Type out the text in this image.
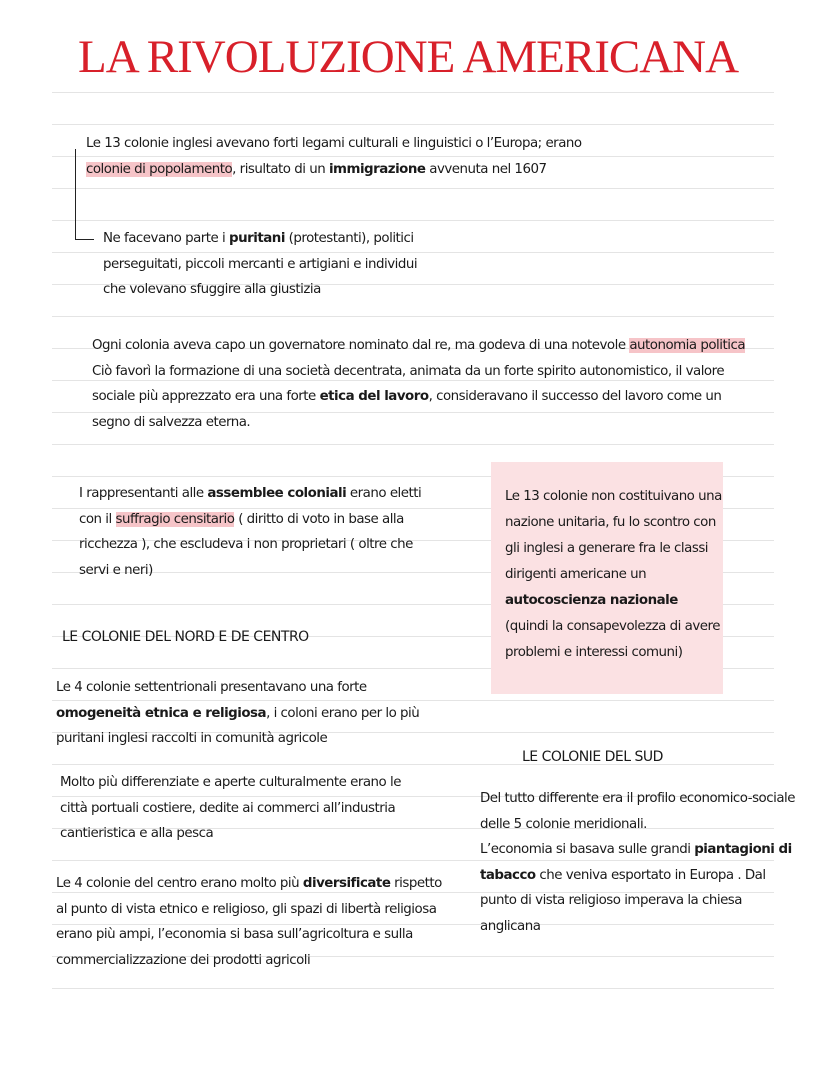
LA RIVOLUZIONE AMERICANA
Le 13 colonie inglesi avevano forti legami culturali e linguistici o l’Europa; erano
colonie di popolamento, risultato di un immigrazione avvenuta nel 1607
Ne facevano parte i puritani (protestanti), politici
perseguitati, piccoli mercanti e artigiani e individui
che volevano sfuggire alla giustizia
Ogni colonia aveva capo un governatore nominato dal re, ma godeva di una notevole autonomia politica
Ciò favorì la formazione di una società decentrata, animata da un forte spirito autonomistico, il valore
sociale più apprezzato era una forte etica del lavoro, consideravano il successo del lavoro come un
segno di salvezza eterna.
I rappresentanti alle assemblee coloniali erano eletti
con il suffragio censitario ( diritto di voto in base alla
ricchezza ), che escludeva i non proprietari ( oltre che
servi e neri)
Le 13 colonie non costituivano una
nazione unitaria, fu lo scontro con
gli inglesi a generare fra le classi
dirigenti americane un
autocoscienza nazionale
(quindi la consapevolezza di avere
problemi e interessi comuni)
LE COLONIE DEL NORD E DE CENTRO
Le 4 colonie settentrionali presentavano una forte
omogeneità etnica e religiosa, i coloni erano per lo più
puritani inglesi raccolti in comunità agricole
Molto più differenziate e aperte culturalmente erano le
città portuali costiere, dedite ai commerci all’industria
cantieristica e alla pesca
Le 4 colonie del centro erano molto più diversificate rispetto
al punto di vista etnico e religioso, gli spazi di libertà religiosa
erano più ampi, l’economia si basa sull’agricoltura e sulla
commercializzazione dei prodotti agricoli
LE COLONIE DEL SUD
Del tutto differente era il profilo economico-sociale
delle 5 colonie meridionali.
L’economia si basava sulle grandi piantagioni di
tabacco che veniva esportato in Europa . Dal
punto di vista religioso imperava la chiesa
anglicana
